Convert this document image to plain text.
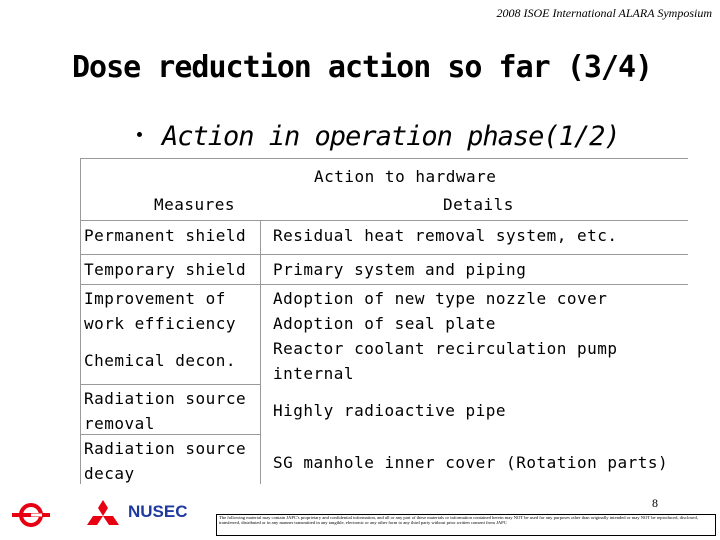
2008 ISOE International ALARA Symposium
Dose reduction action so far (3/4)
・ Action in operation phase(1/2)
Action to hardware
Measures	Details
Permanent shield Residual heat removal system, etc.
Temporary shield Primary system and piping
Improvement of
work efficiency
Adoption of new type nozzle cover
Adoption of seal plate
Chemical decon.
Reactor coolant recirculation pump
internal
Radiation source
removal
Highly radioactive pipe
Radiation source
decay
SG manhole inner cover (Rotation parts)
NUSEC	8
The following material may contain JAPC's proprietary and confidential information, and all or any part of these materials or information contained herein may NOT be used for any purposes other than originally intended or may NOT be reproduced, disclosed, transferred, distributed or in any manner transmitted in any tangible, electronic or any other form to any third party without prior written consent from JAPC
